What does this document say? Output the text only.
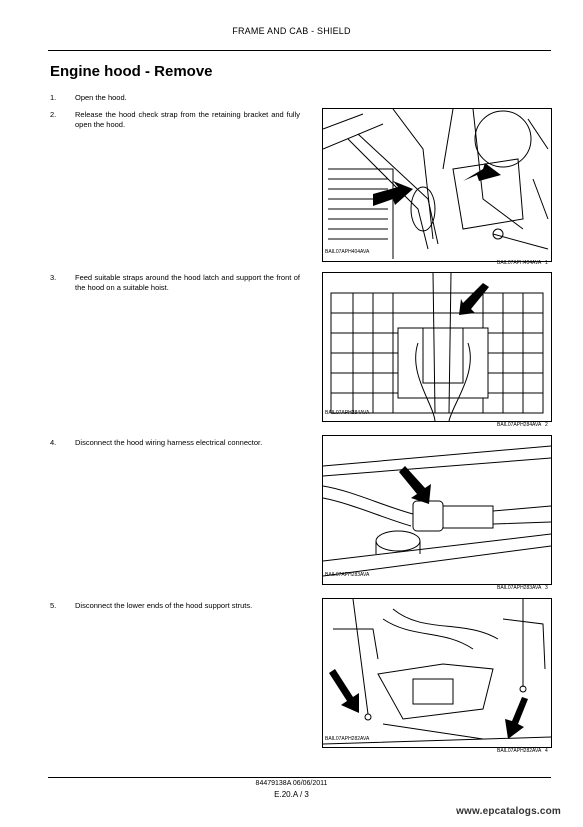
FRAME AND CAB - SHIELD
Engine hood - Remove
1. Open the hood.
2. Release the hood check strap from the retaining bracket and fully open the hood.
3. Feed suitable straps around the hood latch and support the front of the hood on a suitable hoist.
4. Disconnect the hood wiring harness electrical connector.
5. Disconnect the lower ends of the hood support struts.
BAIL07APH404AVA
BAIL07APH404AVA 1
BAIL07APH284AVA
BAIL07APH284AVA 2
BAIL07APH283AVA
BAIL07APH283AVA 3
BAIL07APH282AVA
BAIL07APH282AVA 4
84479138A 06/06/2011
E.20.A / 3
www.epcatalogs.com
